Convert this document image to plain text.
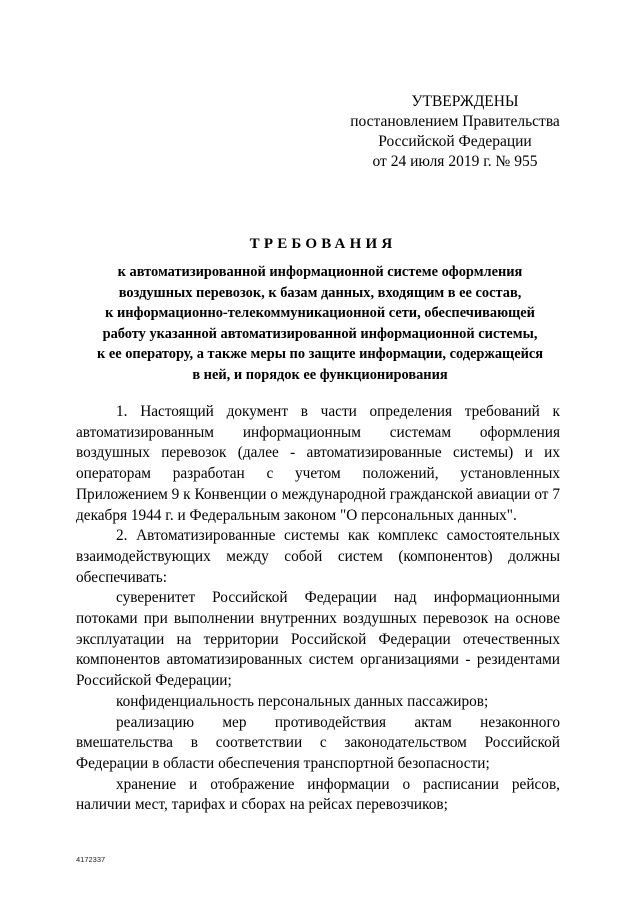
УТВЕРЖДЕНЫ
постановлением Правительства
Российской Федерации
от 24 июля 2019 г. № 955
ТРЕБОВАНИЯ
к автоматизированной информационной системе оформления
воздушных перевозок, к базам данных, входящим в ее состав,
к информационно-телекоммуникационной сети, обеспечивающей
работу указанной автоматизированной информационной системы,
к ее оператору, а также меры по защите информации, содержащейся
в ней, и порядок ее функционирования

1. Настоящий документ в части определения требований к автоматизированным информационным системам оформления воздушных перевозок (далее - автоматизированные системы) и их операторам разработан с учетом положений, установленных Приложением 9 к Конвенции о международной гражданской авиации от 7 декабря 1944 г. и Федеральным законом "О персональных данных".

2. Автоматизированные системы как комплекс самостоятельных взаимодействующих между собой систем (компонентов) должны обеспечивать:

суверенитет Российской Федерации над информационными потоками при выполнении внутренних воздушных перевозок на основе эксплуатации на территории Российской Федерации отечественных компонентов автоматизированных систем организациями - резидентами Российской Федерации;

конфиденциальность персональных данных пассажиров;

реализацию мер противодействия актам незаконного вмешательства в соответствии с законодательством Российской Федерации в области обеспечения транспортной безопасности;

хранение и отображение информации о расписании рейсов, наличии мест, тарифах и сборах на рейсах перевозчиков;

4172337
